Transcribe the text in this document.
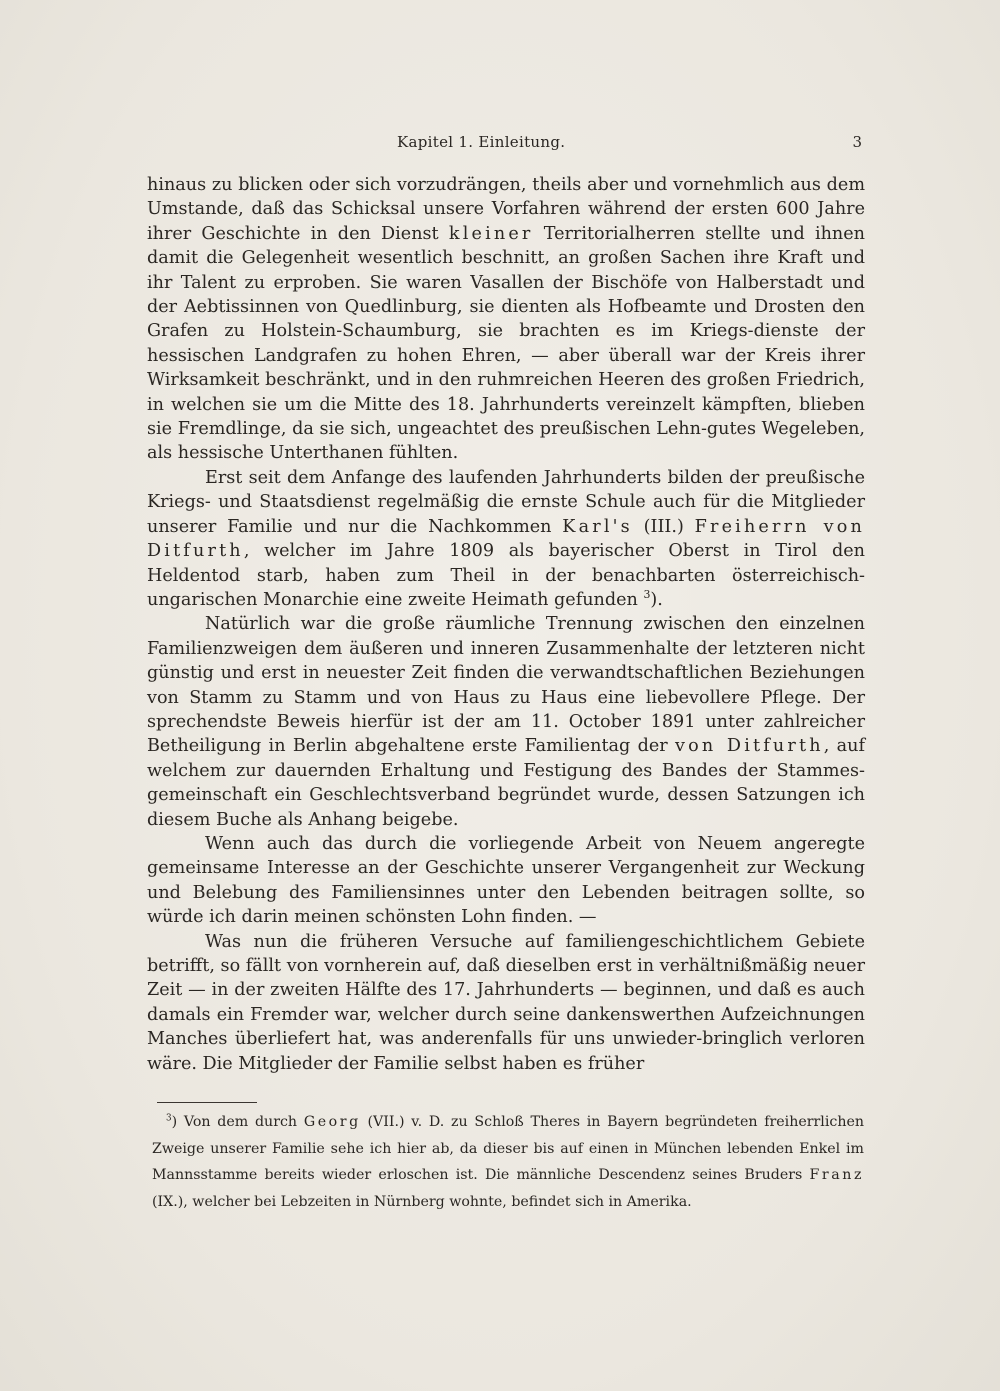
Kapitel 1. Einleitung.	3

hinaus zu blicken oder sich vorzudrängen, theils aber und vornehmlich aus dem Umstande, daß das Schicksal unsere Vorfahren während der ersten 600 Jahre ihrer Geschichte in den Dienst kleiner Territorialherren stellte und ihnen damit die Gelegenheit wesentlich beschnitt, an großen Sachen ihre Kraft und ihr Talent zu erproben. Sie waren Vasallen der Bischöfe von Halberstadt und der Aebtissinnen von Quedlinburg, sie dienten als Hofbeamte und Drosten den Grafen zu Holstein-Schaumburg, sie brachten es im Kriegs-dienste der hessischen Landgrafen zu hohen Ehren, — aber überall war der Kreis ihrer Wirksamkeit beschränkt, und in den ruhmreichen Heeren des großen Friedrich, in welchen sie um die Mitte des 18. Jahrhunderts vereinzelt kämpften, blieben sie Fremdlinge, da sie sich, ungeachtet des preußischen Lehn-gutes Wegeleben, als hessische Unterthanen fühlten.

Erst seit dem Anfange des laufenden Jahrhunderts bilden der preußische Kriegs- und Staatsdienst regelmäßig die ernste Schule auch für die Mitglieder unserer Familie und nur die Nachkommen Karl's (III.) Freiherrn von Ditfurth, welcher im Jahre 1809 als bayerischer Oberst in Tirol den Heldentod starb, haben zum Theil in der benachbarten österreichisch-ungarischen Monarchie eine zweite Heimath gefunden $^3$).

Natürlich war die große räumliche Trennung zwischen den einzelnen Familienzweigen dem äußeren und inneren Zusammenhalte der letzteren nicht günstig und erst in neuester Zeit finden die verwandtschaftlichen Beziehungen von Stamm zu Stamm und von Haus zu Haus eine liebevollere Pflege. Der sprechendste Beweis hierfür ist der am 11. October 1891 unter zahlreicher Betheiligung in Berlin abgehaltene erste Familientag der von Ditfurth, auf welchem zur dauernden Erhaltung und Festigung des Bandes der Stammes-gemeinschaft ein Geschlechtsverband begründet wurde, dessen Satzungen ich diesem Buche als Anhang beigebe.

Wenn auch das durch die vorliegende Arbeit von Neuem angeregte gemeinsame Interesse an der Geschichte unserer Vergangenheit zur Weckung und Belebung des Familiensinnes unter den Lebenden beitragen sollte, so würde ich darin meinen schönsten Lohn finden. —

Was nun die früheren Versuche auf familiengeschichtlichem Gebiete betrifft, so fällt von vornherein auf, daß dieselben erst in verhältnißmäßig neuer Zeit — in der zweiten Hälfte des 17. Jahrhunderts — beginnen, und daß es auch damals ein Fremder war, welcher durch seine dankenswerthen Aufzeichnungen Manches überliefert hat, was anderenfalls für uns unwieder-bringlich verloren wäre. Die Mitglieder der Familie selbst haben es früher

$^3$) Von dem durch Georg (VII.) v. D. zu Schloß Theres in Bayern begründeten freiherrlichen Zweige unserer Familie sehe ich hier ab, da dieser bis auf einen in München lebenden Enkel im Mannsstamme bereits wieder erloschen ist. Die männliche Descendenz seines Bruders Franz (IX.), welcher bei Lebzeiten in Nürnberg wohnte, befindet sich in Amerika.
